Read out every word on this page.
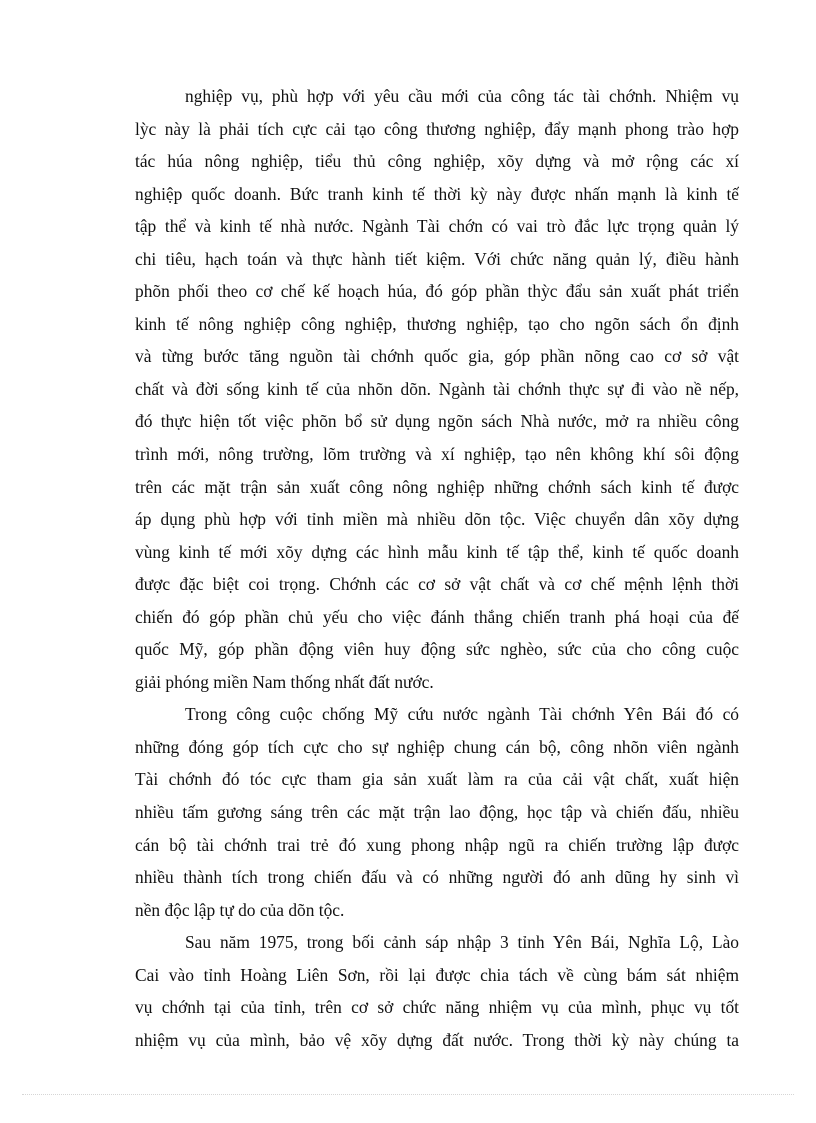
nghiệp vụ, phù hợp với yêu cầu mới của công tác tài chớnh. Nhiệm vụ
lỳc này là phải tích cực cải tạo công thương nghiệp, đẩy mạnh phong trào hợp
tác húa nông nghiệp, tiểu thủ công nghiệp, xõy dựng và mở rộng các xí
nghiệp quốc doanh. Bức tranh kinh tế thời kỳ này được nhấn mạnh là kinh tế
tập thể và kinh tế nhà nước. Ngành Tài chớn có vai trò đắc lực trọng quản lý
chi tiêu, hạch toán và thực hành tiết kiệm. Với chức năng quản lý, điều hành
phõn phối theo cơ chế kế hoạch húa, đó góp phần thỳc đẩu sản xuất phát triển
kinh tế nông nghiệp công nghiệp, thương nghiệp, tạo cho ngõn sách ổn định
và từng bước tăng nguồn tài chớnh quốc gia, góp phần nõng cao cơ sở vật
chất và đời sống kinh tế của nhõn dõn. Ngành tài chớnh thực sự đi vào nề nếp,
đó thực hiện tốt việc phõn bổ sử dụng ngõn sách Nhà nước, mở ra nhiều công
trình mới, nông trường, lõm trường và xí nghiệp, tạo nên không khí sôi động
trên các mặt trận sản xuất công nông nghiệp những chớnh sách kinh tế được
áp dụng phù hợp với tỉnh miền mà nhiều dõn tộc. Việc chuyển dân xõy dựng
vùng kinh tế mới xõy dựng các hình mẫu kinh tế tập thể, kinh tế quốc doanh
được đặc biệt coi trọng. Chớnh các cơ sở vật chất và cơ chế mệnh lệnh thời
chiến đó góp phần chủ yếu cho việc đánh thắng chiến tranh phá hoại của đế
quốc Mỹ, góp phần động viên huy động sức nghèo, sức của cho công cuộc
giải phóng miền Nam thống nhất đất nước.
Trong công cuộc chống Mỹ cứu nước ngành Tài chớnh Yên Bái đó có
những đóng góp tích cực cho sự nghiệp chung cán bộ, công nhõn viên ngành
Tài chớnh đó tóc cực tham gia sản xuất làm ra của cải vật chất, xuất hiện
nhiều tấm gương sáng trên các mặt trận lao động, học tập và chiến đấu, nhiều
cán bộ tài chớnh trai trẻ đó xung phong nhập ngũ ra chiến trường lập được
nhiều thành tích trong chiến đấu và có những người đó anh dũng hy sinh vì
nền độc lập tự do của dõn tộc.
Sau năm 1975, trong bối cảnh sáp nhập 3 tỉnh Yên Bái, Nghĩa Lộ, Lào
Cai vào tỉnh Hoàng Liên Sơn, rồi lại được chia tách về cùng bám sát nhiệm
vụ chớnh tại của tỉnh, trên cơ sở chức năng nhiệm vụ của mình, phục vụ tốt
nhiệm vụ của mình, bảo vệ xõy dựng đất nước. Trong thời kỳ này chúng ta
